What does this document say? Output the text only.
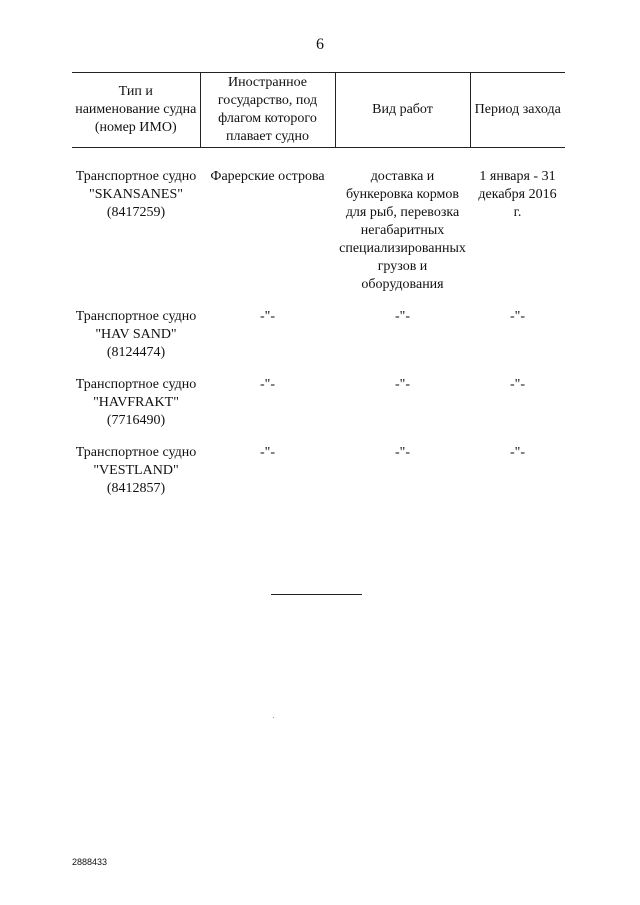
6
Тип и наименование судна (номер ИМО)	Иностранное государство, под флагом которого плавает судно	Вид работ	Период захода

Транспортное судно
"SKANSANES"
(8417259)	Фарерские острова	доставка и бункеровка кормов для рыб, перевозка негабаритных специализированных грузов и оборудования	1 января - 31 декабря 2016 г.

Транспортное судно
"HAV SAND"
(8124474)	-"-	-"-	-"-

Транспортное судно
"HAVFRAKT"
(7716490)	-"-	-"-	-"-

Транспортное судно
"VESTLAND"
(8412857)	-"-	-"-	-"-
2888433
